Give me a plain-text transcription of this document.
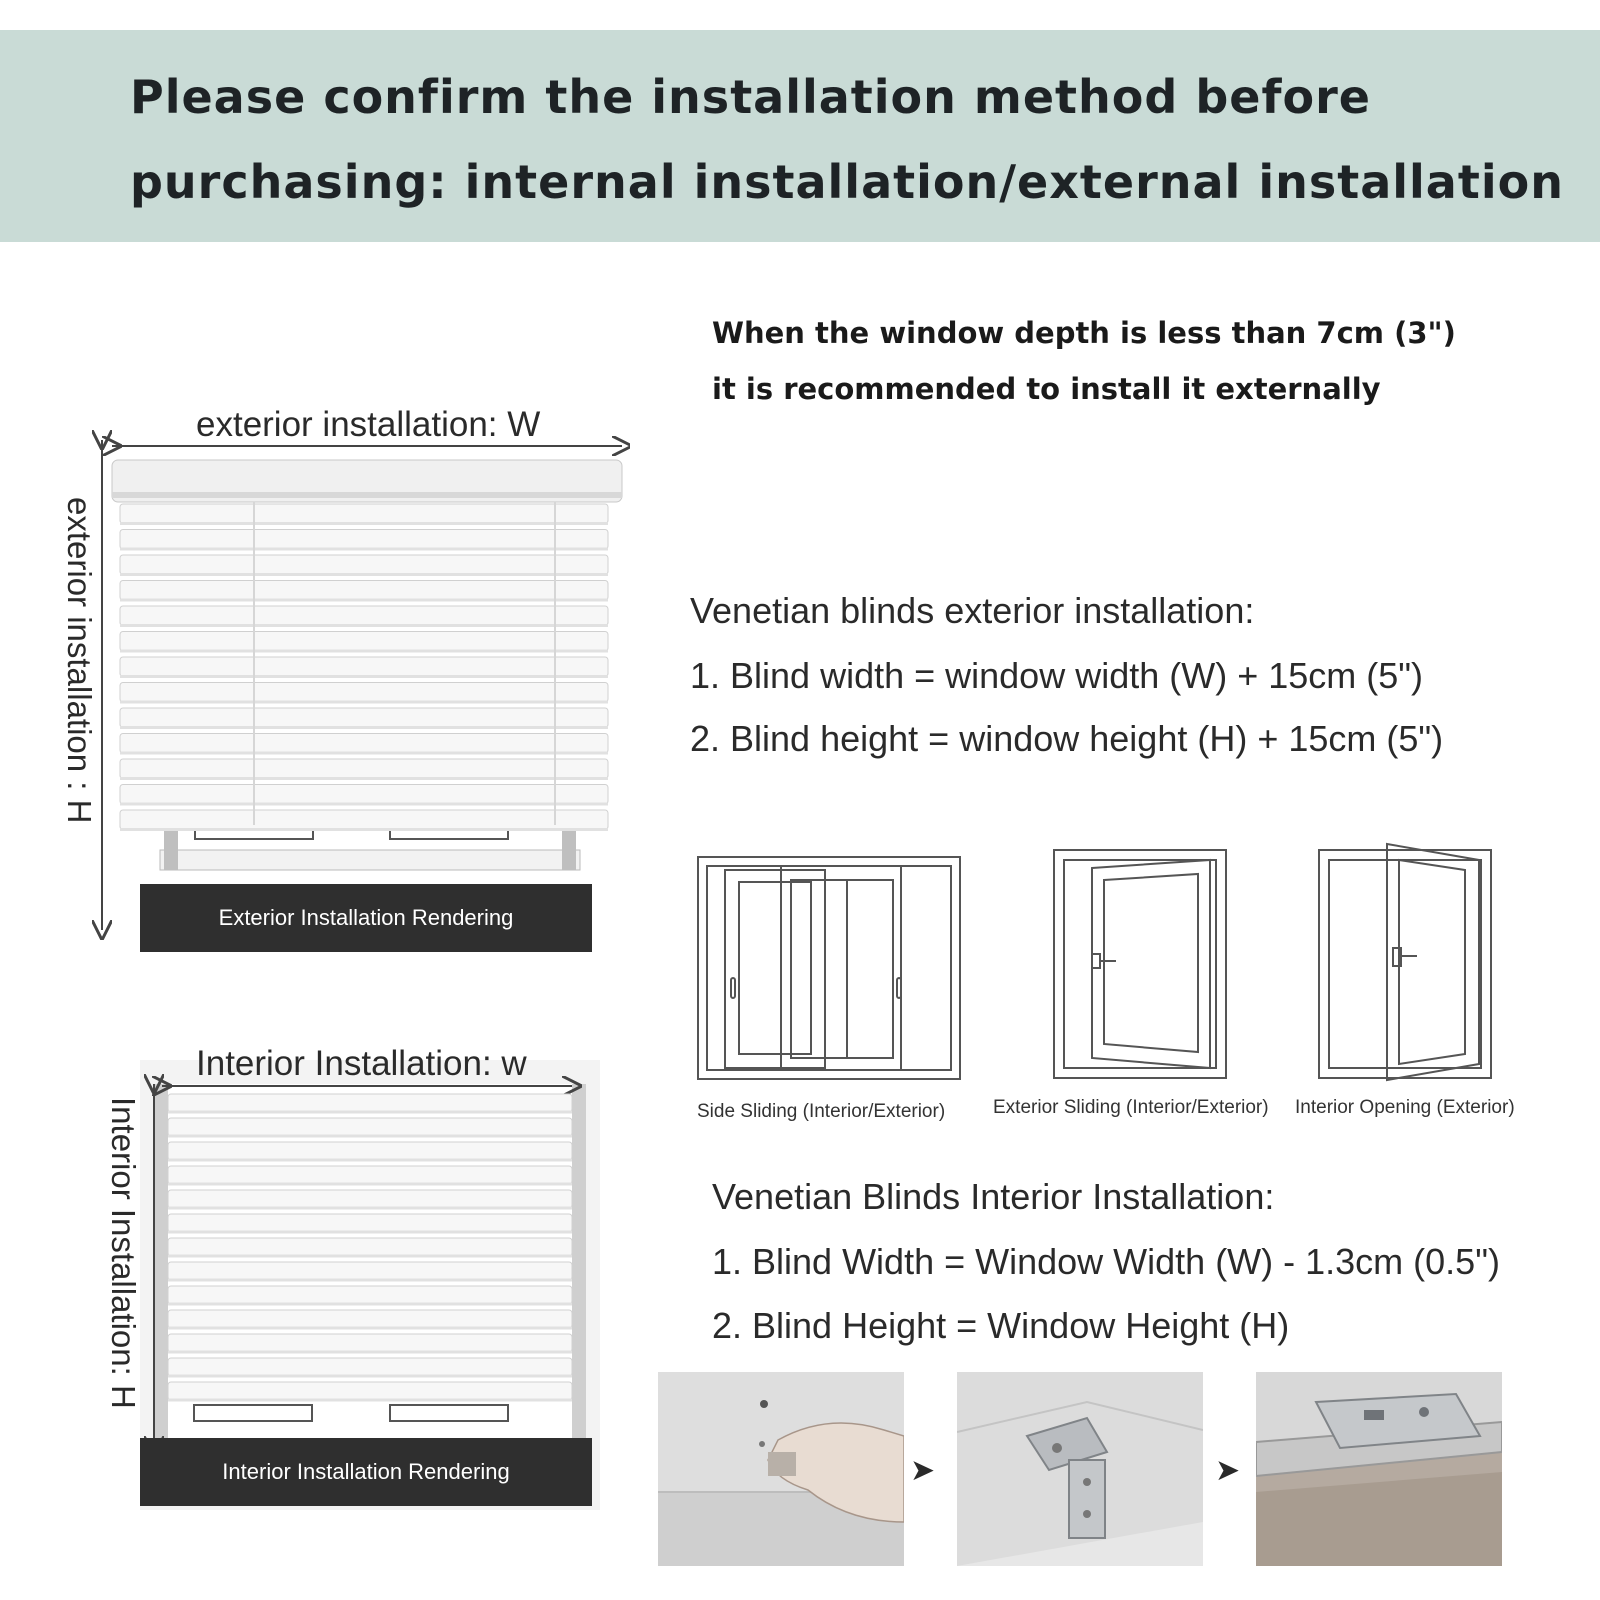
Please confirm the installation method before
purchasing: internal installation/external installation
When the window depth is less than 7cm (3")
it is recommended to install it externally
exterior installation: W
exterior installation : H
Exterior Installation Rendering
Interior Installation: w
Interior Installation: H
Interior Installation Rendering
Venetian blinds exterior installation:
1. Blind width = window width (W) + 15cm (5")
2. Blind height = window height (H) + 15cm (5")
Side Sliding (Interior/Exterior)	Exterior Sliding (Interior/Exterior) Interior Opening (Exterior)
Venetian Blinds Interior Installation:
1. Blind Width = Window Width (W) - 1.3cm (0.5")
2. Blind Height = Window Height (H)
➤	➤
